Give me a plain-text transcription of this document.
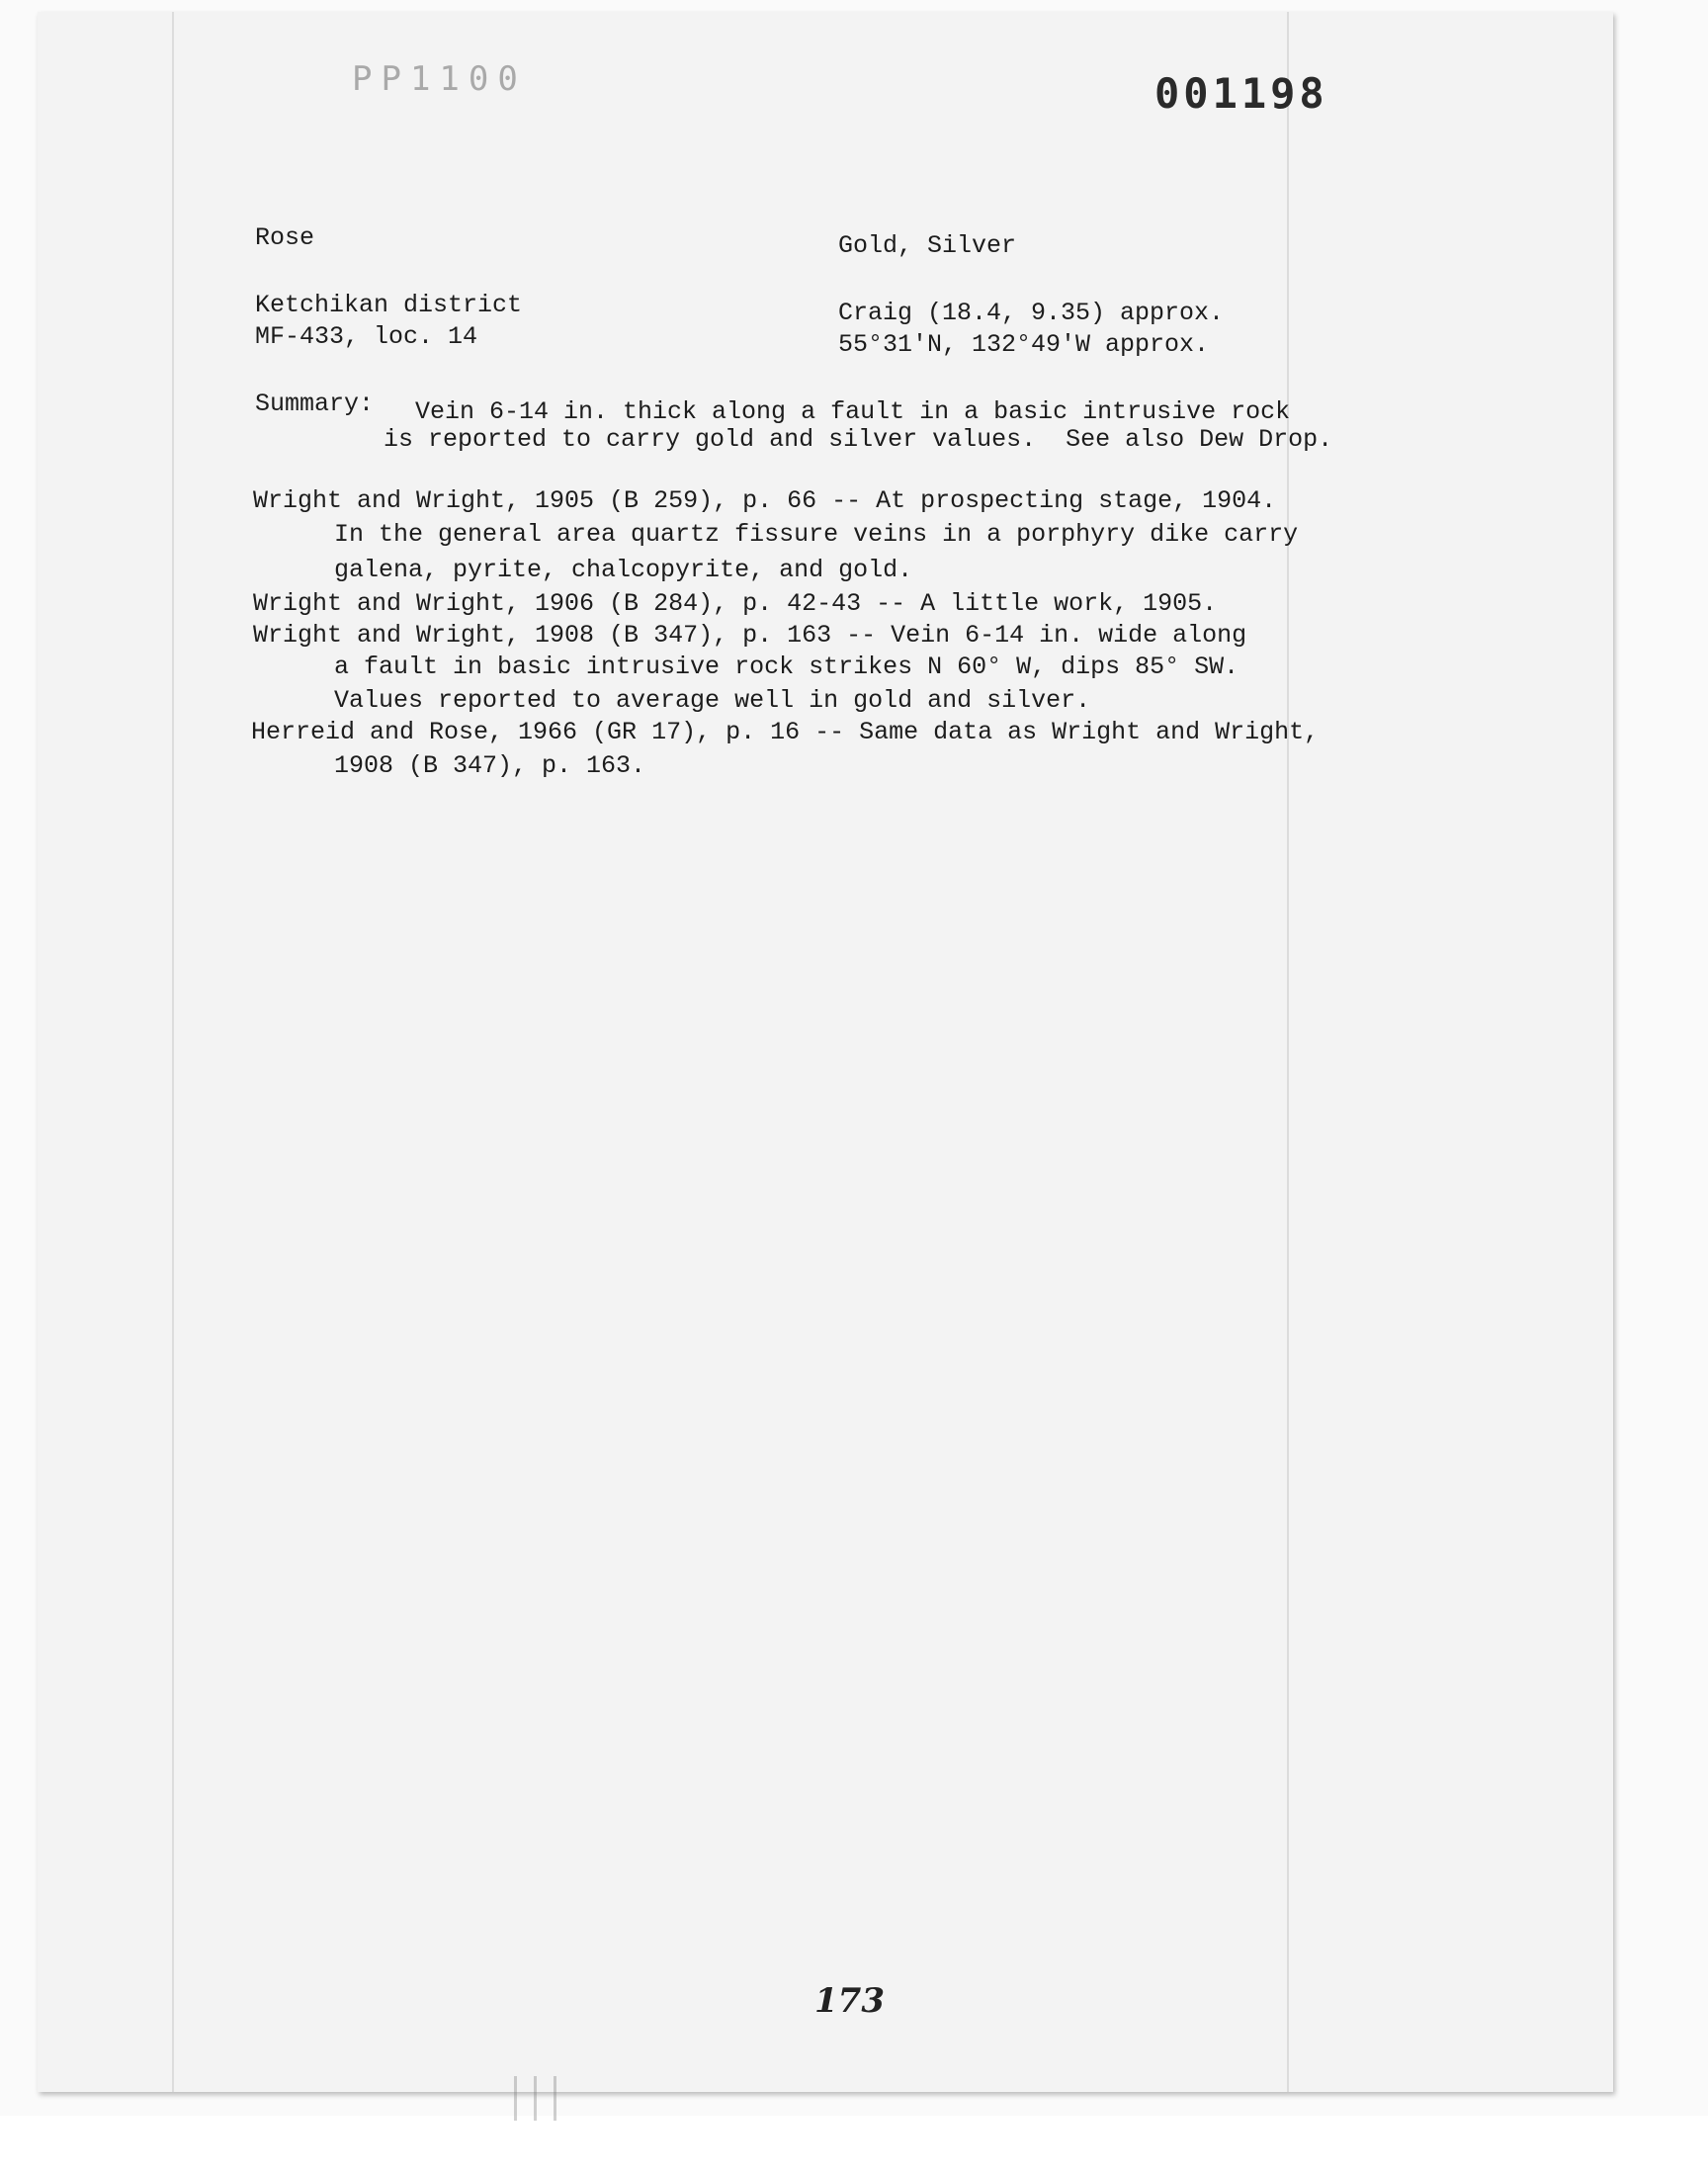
PP1100	001198
Rose	Gold, Silver
Ketchikan district
MF-433, loc. 14
Craig (18.4, 9.35) approx.
55°31'N, 132°49'W approx.
Summary: Vein 6-14 in. thick along a fault in a basic intrusive rock
is reported to carry gold and silver values.  See also Dew Drop.
Wright and Wright, 1905 (B 259), p. 66 -- At prospecting stage, 1904.
In the general area quartz fissure veins in a porphyry dike carry
galena, pyrite, chalcopyrite, and gold.
Wright and Wright, 1906 (B 284), p. 42-43 -- A little work, 1905.
Wright and Wright, 1908 (B 347), p. 163 -- Vein 6-14 in. wide along
a fault in basic intrusive rock strikes N 60° W, dips 85° SW.
Values reported to average well in gold and silver.
Herreid and Rose, 1966 (GR 17), p. 16 -- Same data as Wright and Wright,
1908 (B 347), p. 163.
173
